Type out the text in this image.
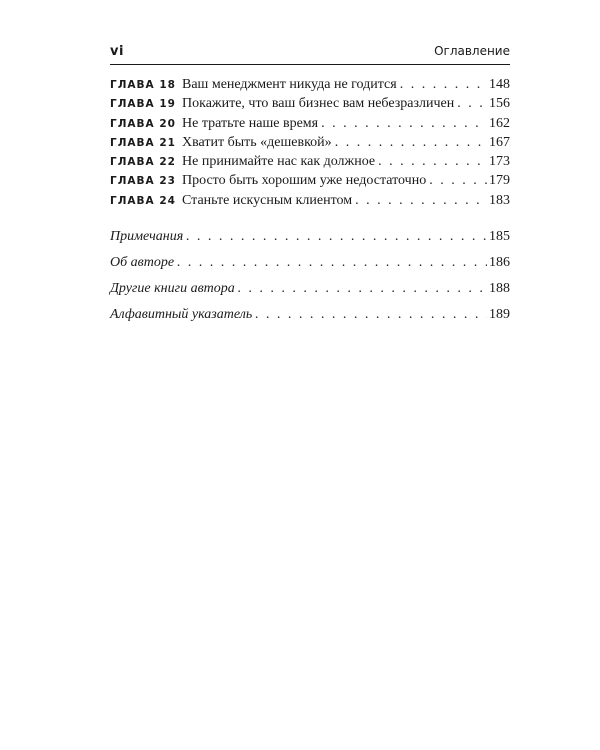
vi	Оглавление
ГЛАВА 18 Ваш менеджмент никуда не годится . . .	148
ГЛАВА 19 Покажите, что ваш бизнес вам небезразличен . . . 156
ГЛАВА 20 Не тратьте наше время . . .	162
ГЛАВА 21 Хватит быть «дешевкой» . . .	167
ГЛАВА 22 Не принимайте нас как должное . . .	173
ГЛАВА 23 Просто быть хорошим уже недостаточно . . .	179
ГЛАВА 24 Станьте искусным клиентом . . .	183
Примечания . . .	185
Об авторе . . .	186
Другие книги автора . . .	188
Алфавитный указатель . . .	189
